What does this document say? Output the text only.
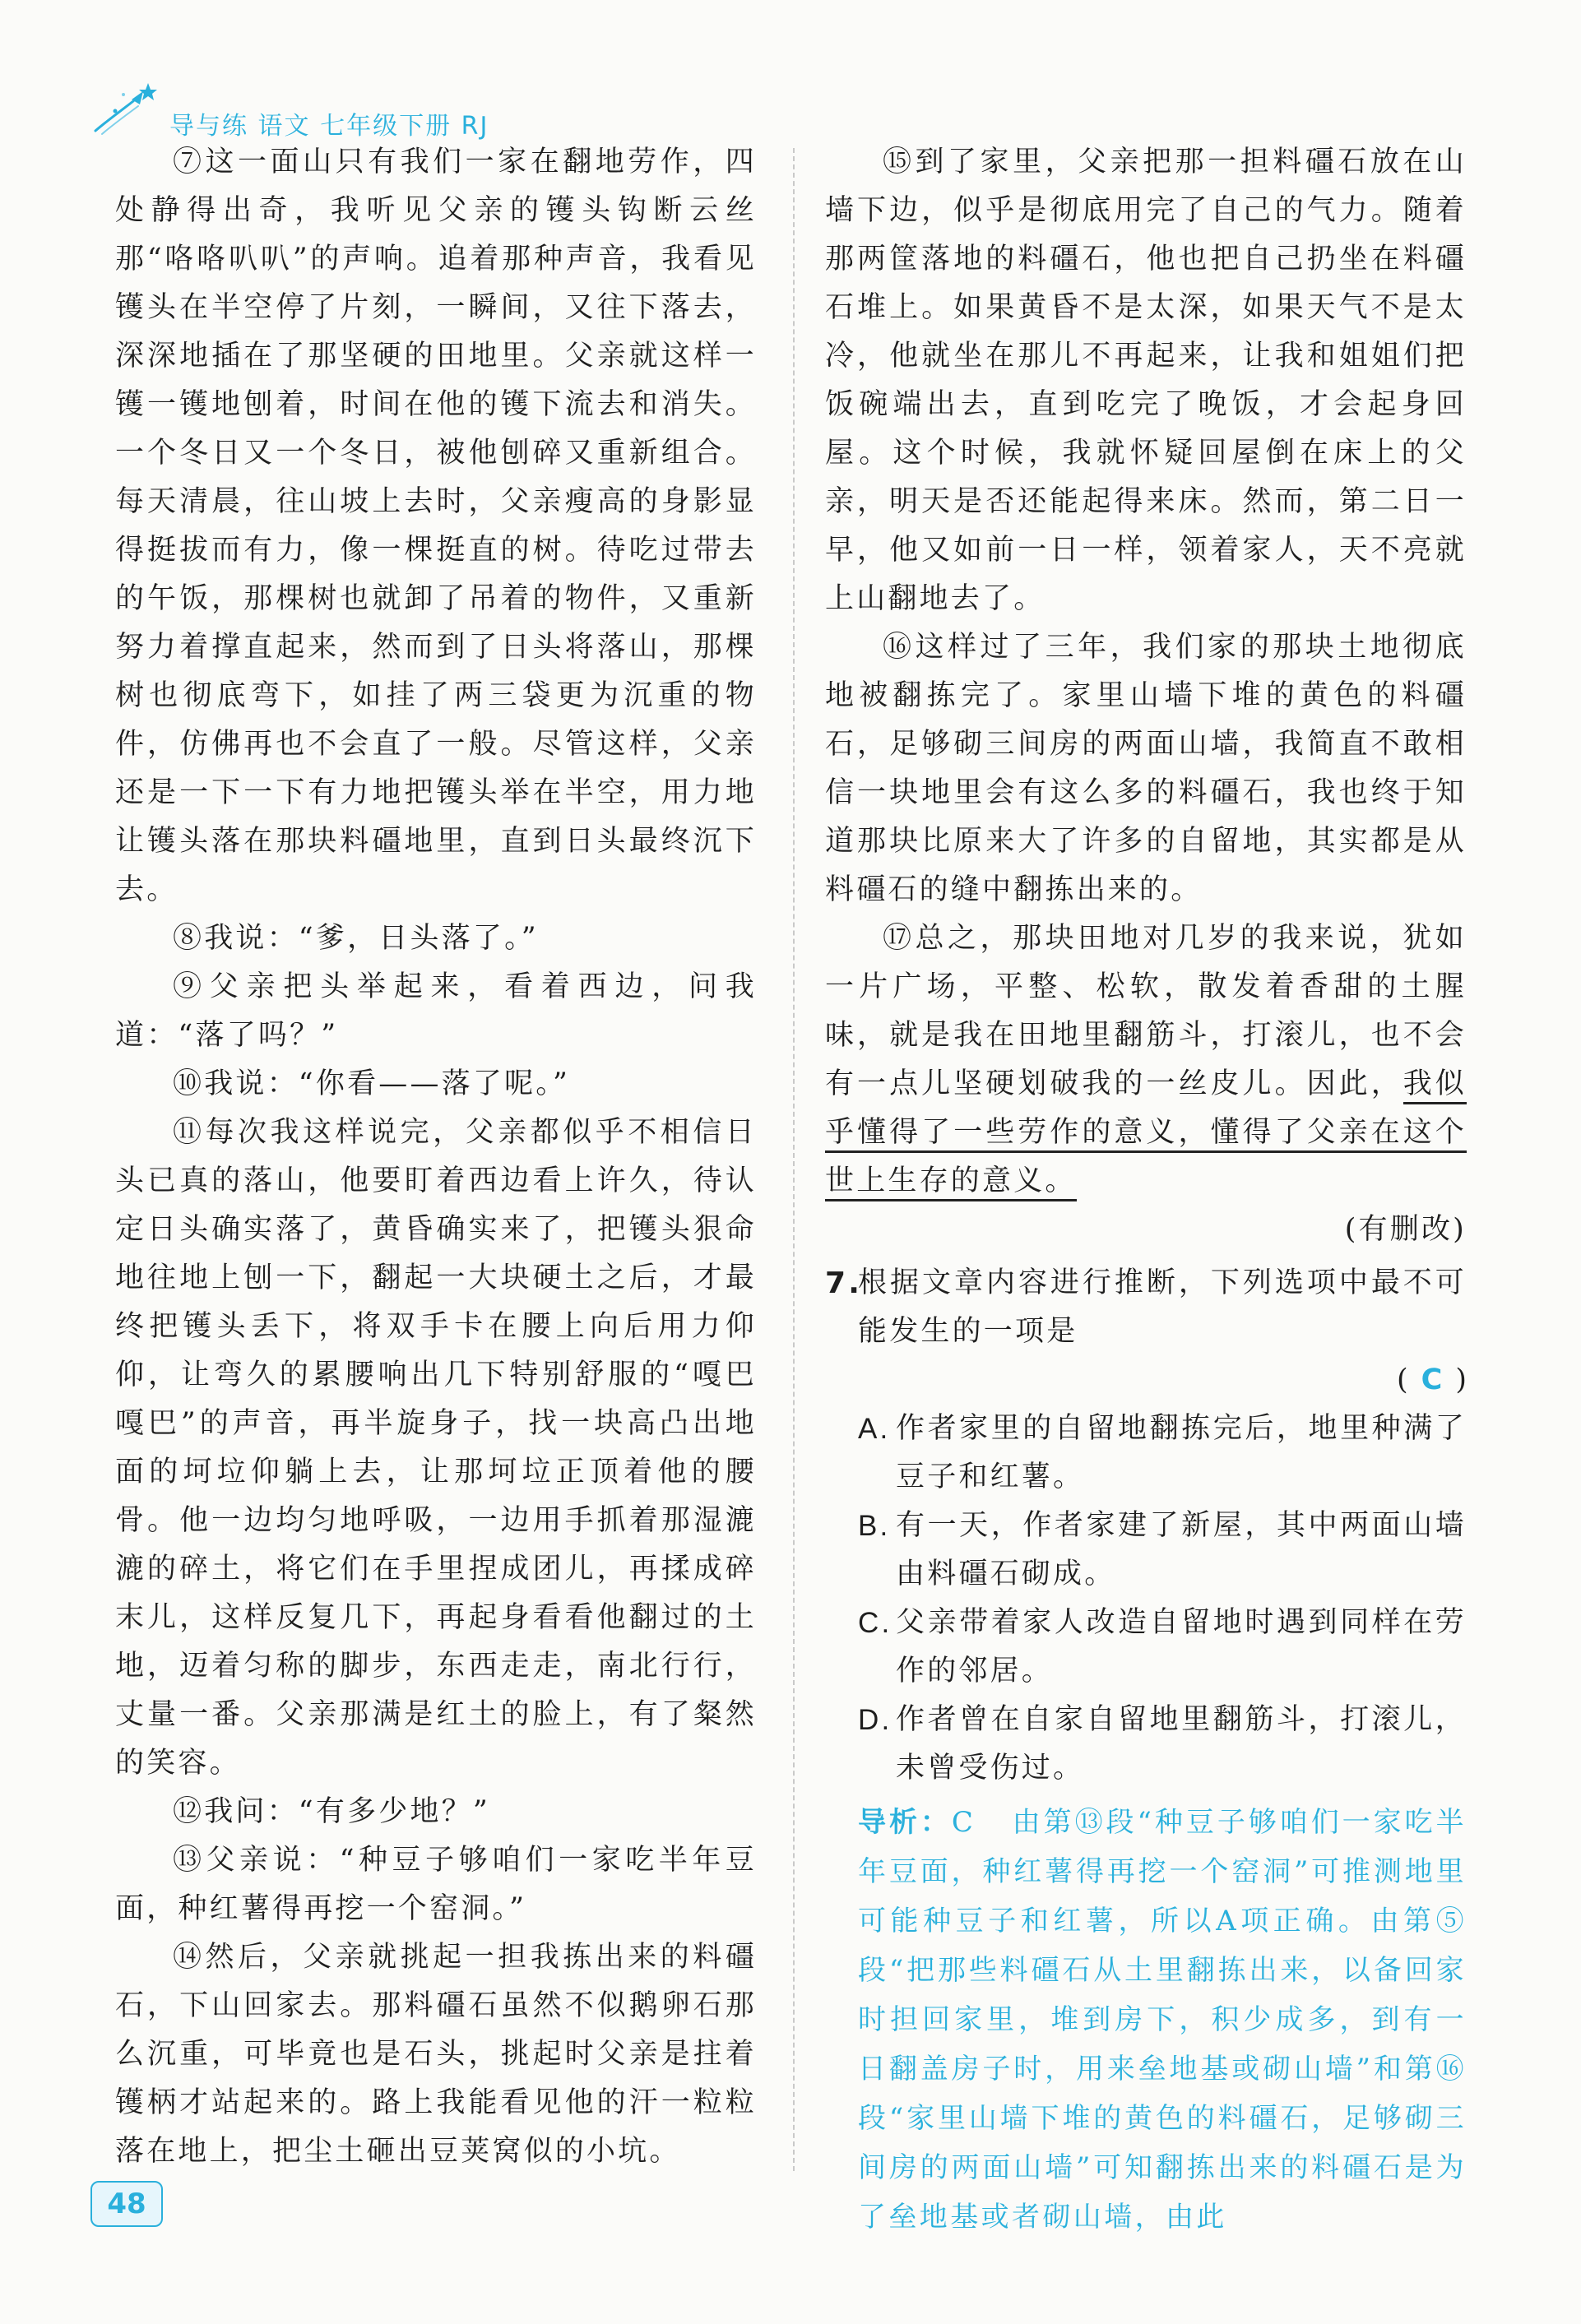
导与练 语文 七年级下册 RJ

⑦这一面山只有我们一家在翻地劳作，四处静得出奇，我听见父亲的镬头钩断云丝那“咯咯叭叭”的声响。追着那种声音，我看见镬头在半空停了片刻，一瞬间，又往下落去，深深地插在了那坚硬的田地里。父亲就这样一镬一镬地刨着，时间在他的镬下流去和消失。一个冬日又一个冬日，被他刨碎又重新组合。每天清晨，往山坡上去时，父亲瘦高的身影显得挺拔而有力，像一棵挺直的树。待吃过带去的午饭，那棵树也就卸了吊着的物件，又重新努力着撑直起来，然而到了日头将落山，那棵树也彻底弯下，如挂了两三袋更为沉重的物件，仿佛再也不会直了一般。尽管这样，父亲还是一下一下有力地把镬头举在半空，用力地让镬头落在那块料礓地里，直到日头最终沉下去。

⑧我说：“爹，日头落了。”

⑨父亲把头举起来，看着西边，问我道：“落了吗？”

⑩我说：“你看——落了呢。”

⑪每次我这样说完，父亲都似乎不相信日头已真的落山，他要盯着西边看上许久，待认定日头确实落了，黄昏确实来了，把镬头狠命地往地上刨一下，翻起一大块硬土之后，才最终把镬头丢下，将双手卡在腰上向后用力仰仰，让弯久的累腰响出几下特别舒服的“嘎巴嘎巴”的声音，再半旋身子，找一块高凸出地面的坷垃仰躺上去，让那坷垃正顶着他的腰骨。他一边均匀地呼吸，一边用手抓着那湿漉漉的碎土，将它们在手里捏成团儿，再揉成碎末儿，这样反复几下，再起身看看他翻过的土地，迈着匀称的脚步，东西走走，南北行行，丈量一番。父亲那满是红土的脸上，有了粲然的笑容。

⑫我问：“有多少地？”

⑬父亲说：“种豆子够咱们一家吃半年豆面，种红薯得再挖一个窑洞。”

⑭然后，父亲就挑起一担我拣出来的料礓石，下山回家去。那料礓石虽然不似鹅卵石那么沉重，可毕竟也是石头，挑起时父亲是拄着镬柄才站起来的。路上我能看见他的汗一粒粒落在地上，把尘土砸出豆荚窝似的小坑。

⑮到了家里，父亲把那一担料礓石放在山墙下边，似乎是彻底用完了自己的气力。随着那两筐落地的料礓石，他也把自己扔坐在料礓石堆上。如果黄昏不是太深，如果天气不是太冷，他就坐在那儿不再起来，让我和姐姐们把饭碗端出去，直到吃完了晚饭，才会起身回屋。这个时候，我就怀疑回屋倒在床上的父亲，明天是否还能起得来床。然而，第二日一早，他又如前一日一样，领着家人，天不亮就上山翻地去了。

⑯这样过了三年，我们家的那块土地彻底地被翻拣完了。家里山墙下堆的黄色的料礓石，足够砌三间房的两面山墙，我简直不敢相信一块地里会有这么多的料礓石，我也终于知道那块比原来大了许多的自留地，其实都是从料礓石的缝中翻拣出来的。

⑰总之，那块田地对几岁的我来说，犹如一片广场，平整、松软，散发着香甜的土腥味，就是我在田地里翻筋斗，打滚儿，也不会有一点儿坚硬划破我的一丝皮儿。因此，我似乎懂得了一些劳作的意义，懂得了父亲在这个世上生存的意义。

(有删改)

7.
根据文章内容进行推断，下列选项中最不可能发生的一项是
( C )
A. 作者家里的自留地翻拣完后，地里种满了豆子和红薯。
B. 有一天，作者家建了新屋，其中两面山墙由料礓石砌成。
C. 父亲带着家人改造自留地时遇到同样在劳作的邻居。
D. 作者曾在自家自留地里翻筋斗，打滚儿，未曾受伤过。
导析：C 由第⑬段“种豆子够咱们一家吃半年豆面，种红薯得再挖一个窑洞”可推测地里可能种豆子和红薯，所以A项正确。由第⑤段“把那些料礓石从土里翻拣出来，以备回家时担回家里，堆到房下，积少成多，到有一日翻盖房子时，用来垒地基或砌山墙”和第⑯段“家里山墙下堆的黄色的料礓石，足够砌三间房的两面山墙”可知翻拣出来的料礓石是为了垒地基或者砌山墙，由此
48
